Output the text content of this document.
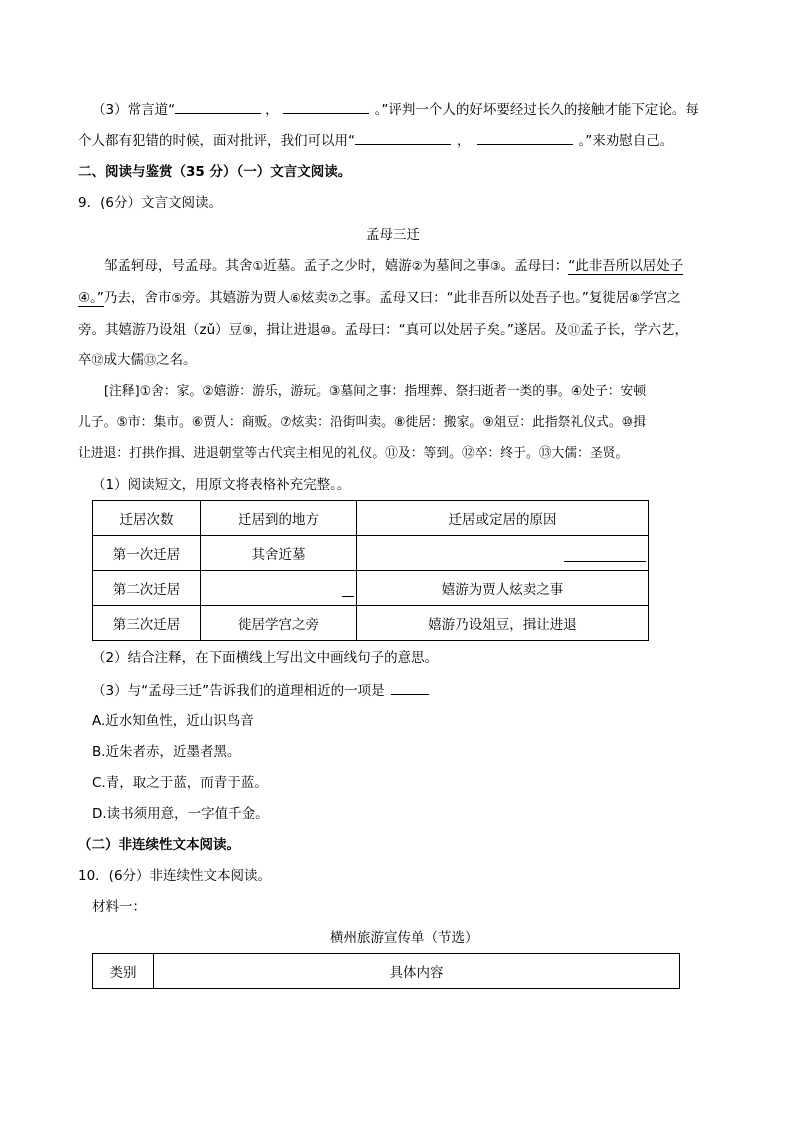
（3）常言道“	，	。”评判一个人的好坏要经过长久的接触才能下定论。每
个人都有犯错的时候，面对批评，我们可以用“	，	。”来劝慰自己。
二、阅读与鉴赏（35 分）（一）文言文阅读。
9．(6分）文言文阅读。
孟母三迁
邹孟轲母，号孟母。其舍①近墓。孟子之少时，嬉游②为墓间之事③。孟母曰：“此非吾所以居处子
④。”乃去，舍市⑤旁。其嬉游为贾人⑥炫卖⑦之事。孟母又曰：“此非吾所以处吾子也。”复徙居⑧学宫之
旁。其嬉游乃设俎（zǔ）豆⑨，揖让进退⑩。孟母曰：“真可以处居子矣。”遂居。及⑪孟子长，学六艺，
卒⑫成大儒⑬之名。
[注释]①舍：家。②嬉游：游乐，游玩。③墓间之事：指埋葬、祭扫逝者一类的事。④处子：安顿
儿子。⑤市：集市。⑥贾人：商贩。⑦炫卖：沿街叫卖。⑧徙居：搬家。⑨俎豆：此指祭礼仪式。⑩揖
让进退：打拱作揖、进退朝堂等古代宾主相见的礼仪。⑪及：等到。⑫卒：终于。⑬大儒：圣贤。
（1）阅读短文，用原文将表格补充完整。。
迁居次数	迁居到的地方	迁居或定居的原因
第一次迁居	其舍近墓	

第二次迁居		嬉游为贾人炫卖之事
第三次迁居	徙居学宫之旁	嬉游乃设俎豆，揖让进退
（2）结合注释，在下面横线上写出文中画线句子的意思。
（3）与“孟母三迁”告诉我们的道理相近的一项是
A.近水知鱼性，近山识鸟音
B.近朱者赤，近墨者黑。
C.青，取之于蓝，而青于蓝。
D.读书须用意，一字值千金。
（二）非连续性文本阅读。
10．(6分）非连续性文本阅读。
材料一：
横州旅游宣传单（节选）
类别	具体内容
